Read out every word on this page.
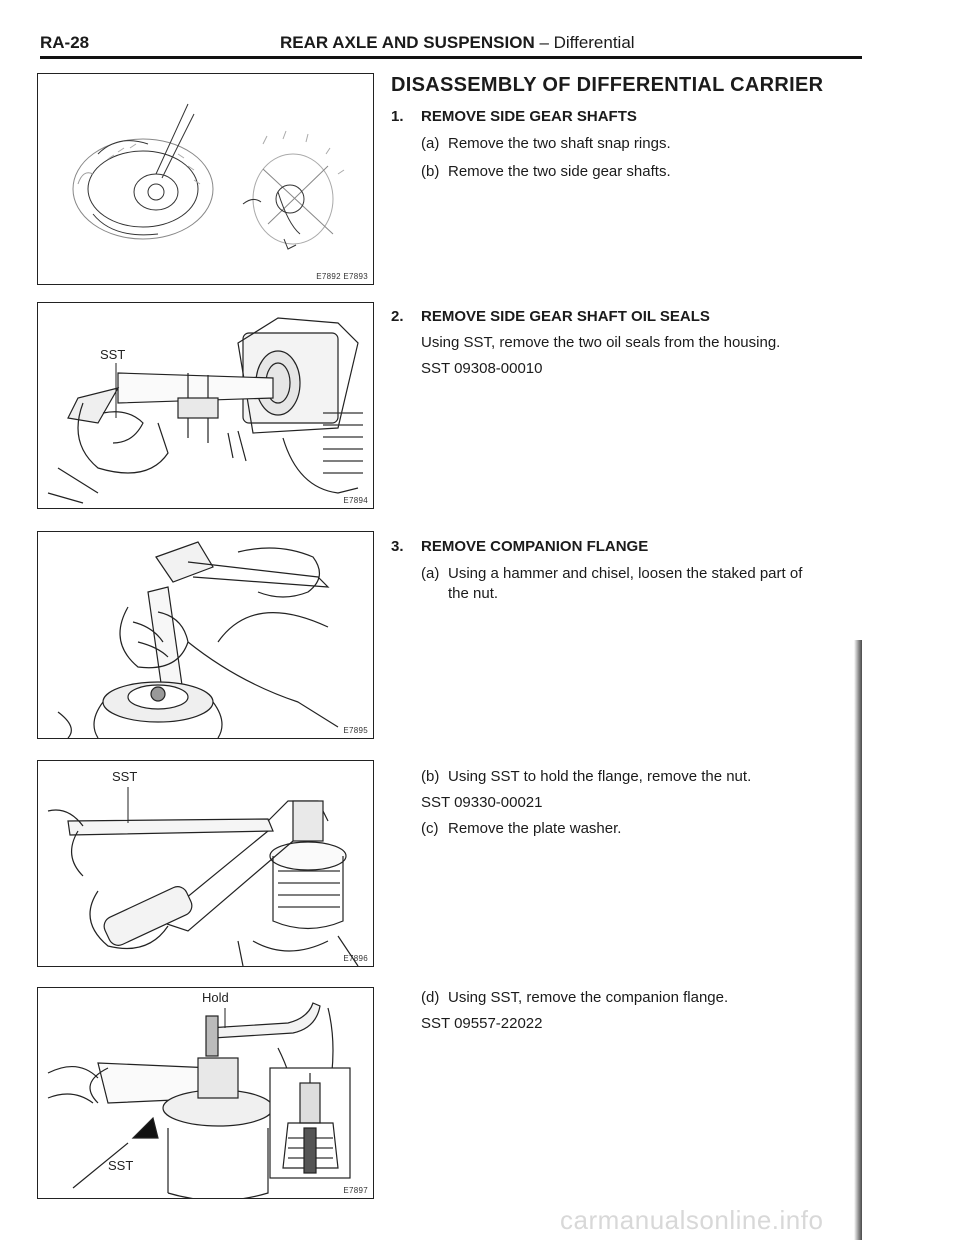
RA-28	REAR AXLE AND SUSPENSION – Differential
E7892 E7893
SST
E7894
E7895
SST
E7896
Hold
SST
E7897
DISASSEMBLY OF DIFFERENTIAL CARRIER
1. REMOVE SIDE GEAR SHAFTS
(a) Remove the two shaft snap rings.
(b) Remove the two side gear shafts.
2. REMOVE SIDE GEAR SHAFT OIL SEALS
Using SST, remove the two oil seals from the housing.
SST 09308-00010
3. REMOVE COMPANION FLANGE
(a) Using a hammer and chisel, loosen the staked part of
the nut.
(b) Using SST to hold the flange, remove the nut.
SST 09330-00021
(c) Remove the plate washer.
(d) Using SST, remove the companion flange.
SST 09557-22022
carmanualsonline.info
